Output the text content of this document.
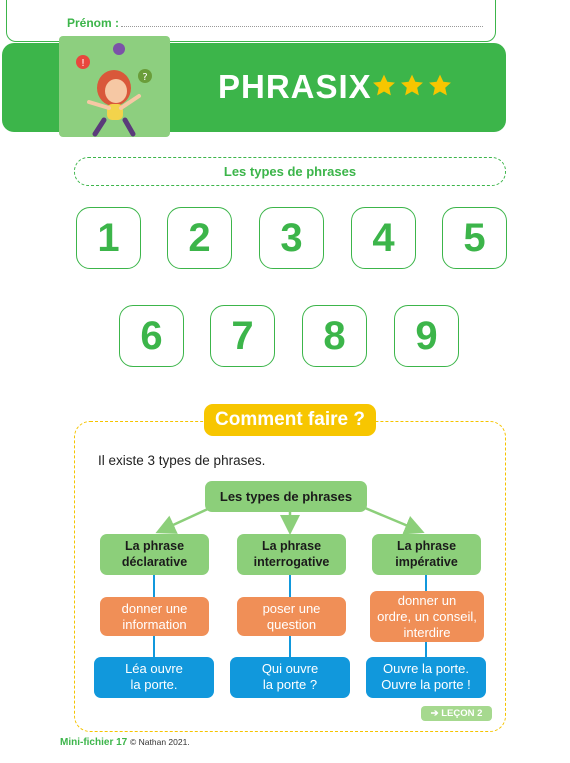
Prénom :
!
? PHRASIX
Les types de phrases
1	2	3	4	5
6	7	8	9
Comment faire ?
Il existe 3 types de phrases.
Les types de phrases
La phrase
déclarative
La phrase
interrogative
La phrase
impérative
donner une
information
poser une
question
donner un
ordre, un conseil,
interdire
Léa ouvre
la porte.
Qui ouvre
la porte ?
Ouvre la porte.
Ouvre la porte !
➔ LEÇON 2
Mini-fichier 17 © Nathan 2021.
